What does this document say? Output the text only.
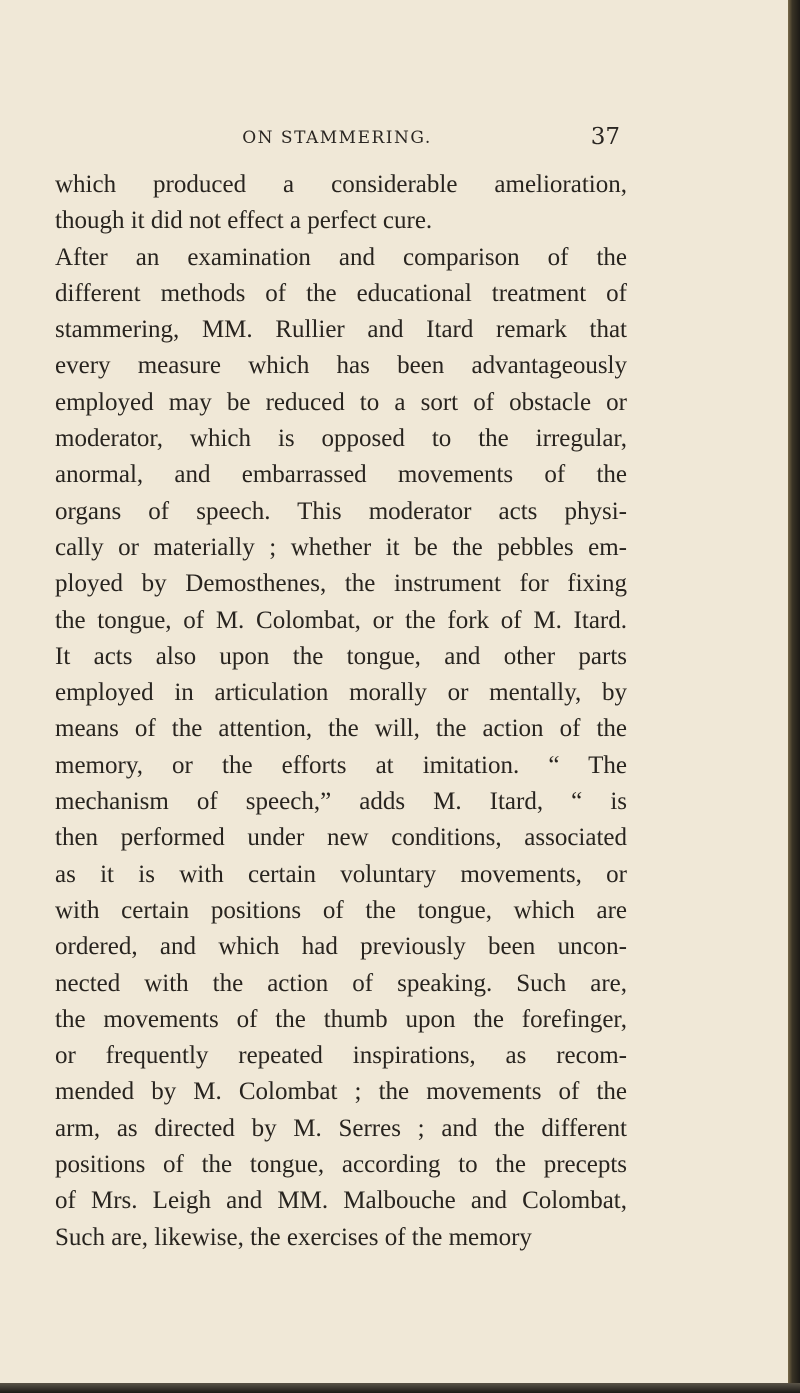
ON STAMMERING.	37
which produced a considerable amelioration,
though it did not effect a perfect cure.
After an examination and comparison of the
different methods of the educational treatment of
stammering, MM. Rullier and Itard remark that
every measure which has been advantageously
employed may be reduced to a sort of obstacle or
moderator, which is opposed to the irregular,
anormal, and embarrassed movements of the
organs of speech. This moderator acts physi-
cally or materially ; whether it be the pebbles em-
ployed by Demosthenes, the instrument for fixing
the tongue, of M. Colombat, or the fork of M. Itard.
It acts also upon the tongue, and other parts
employed in articulation morally or mentally, by
means of the attention, the will, the action of the
memory, or the efforts at imitation. “ The
mechanism of speech,” adds M. Itard, “ is
then performed under new conditions, associated
as it is with certain voluntary movements, or
with certain positions of the tongue, which are
ordered, and which had previously been uncon-
nected with the action of speaking. Such are,
the movements of the thumb upon the forefinger,
or frequently repeated inspirations, as recom-
mended by M. Colombat ; the movements of the
arm, as directed by M. Serres ; and the different
positions of the tongue, according to the precepts
of Mrs. Leigh and MM. Malbouche and Colombat,
Such are, likewise, the exercises of the memory
